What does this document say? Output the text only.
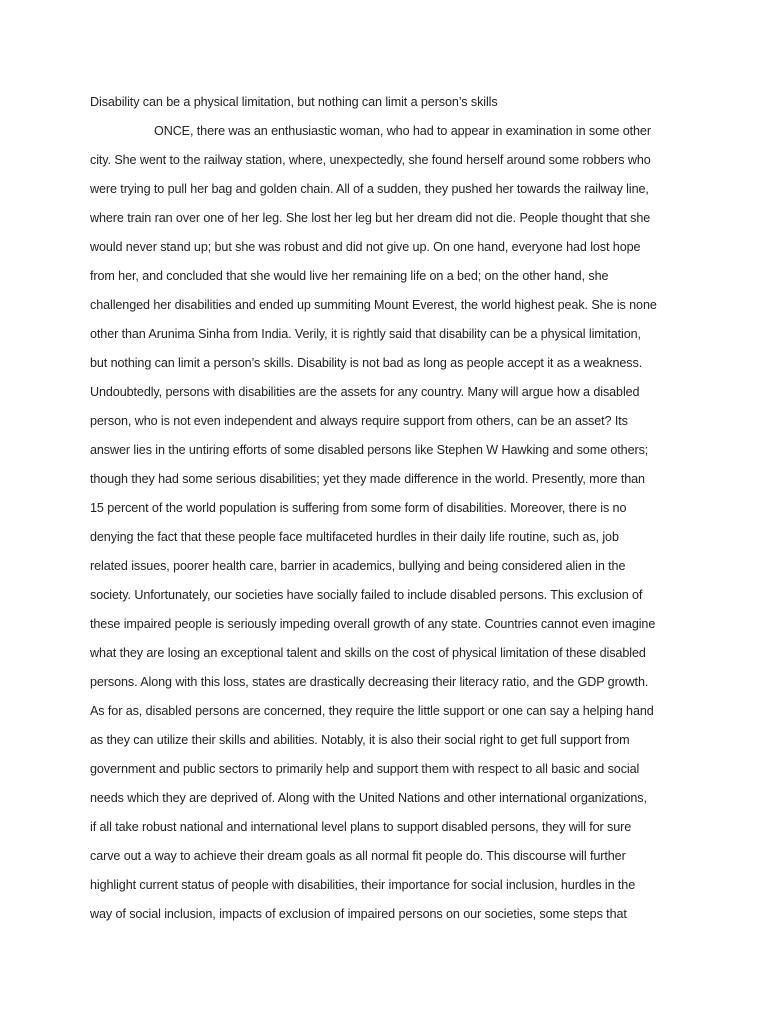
Disability can be a physical limitation, but nothing can limit a person’s skills
ONCE, there was an enthusiastic woman, who had to appear in examination in some other
city. She went to the railway station, where, unexpectedly, she found herself around some robbers who
were trying to pull her bag and golden chain. All of a sudden, they pushed her towards the railway line,
where train ran over one of her leg. She lost her leg but her dream did not die. People thought that she
would never stand up; but she was robust and did not give up. On one hand, everyone had lost hope
from her, and concluded that she would live her remaining life on a bed; on the other hand, she
challenged her disabilities and ended up summiting Mount Everest, the world highest peak. She is none
other than Arunima Sinha from India. Verily, it is rightly said that disability can be a physical limitation,
but nothing can limit a person’s skills. Disability is not bad as long as people accept it as a weakness.
Undoubtedly, persons with disabilities are the assets for any country. Many will argue how a disabled
person, who is not even independent and always require support from others, can be an asset? Its
answer lies in the untiring efforts of some disabled persons like Stephen W Hawking and some others;
though they had some serious disabilities; yet they made difference in the world. Presently, more than
15 percent of the world population is suffering from some form of disabilities. Moreover, there is no
denying the fact that these people face multifaceted hurdles in their daily life routine, such as, job
related issues, poorer health care, barrier in academics, bullying and being considered alien in the
society. Unfortunately, our societies have socially failed to include disabled persons. This exclusion of
these impaired people is seriously impeding overall growth of any state. Countries cannot even imagine
what they are losing an exceptional talent and skills on the cost of physical limitation of these disabled
persons. Along with this loss, states are drastically decreasing their literacy ratio, and the GDP growth.
As for as, disabled persons are concerned, they require the little support or one can say a helping hand
as they can utilize their skills and abilities. Notably, it is also their social right to get full support from
government and public sectors to primarily help and support them with respect to all basic and social
needs which they are deprived of. Along with the United Nations and other international organizations,
if all take robust national and international level plans to support disabled persons, they will for sure
carve out a way to achieve their dream goals as all normal fit people do. This discourse will further
highlight current status of people with disabilities, their importance for social inclusion, hurdles in the
way of social inclusion, impacts of exclusion of impaired persons on our societies, some steps that
